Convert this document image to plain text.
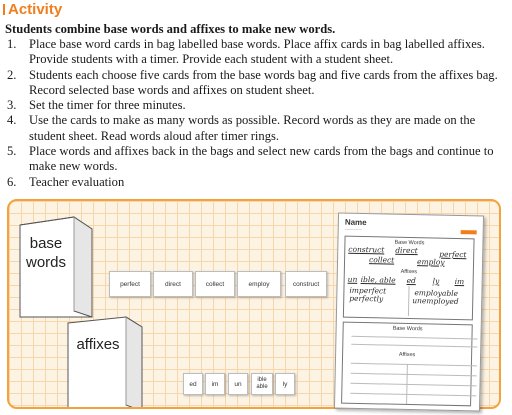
Activity
Students combine base words and affixes to make new words.
1. Place base word cards in bag labelled base words. Place affix cards in bag labelled affixes. Provide students with a timer. Provide each student with a student sheet.
2. Students each choose five cards from the base words bag and five cards from the affixes bag. Record selected base words and affixes on student sheet.
3. Set the timer for three minutes.
4. Use the cards to make as many words as possible. Record words as they are made on the student sheet. Read words aloud after timer rings.
5. Place words and affixes back in the bags and select new cards from the bags and continue to make new words.
6. Teacher evaluation
base
words
affixes
perfect	direct	collect	employ	construct
ed	im	un
ible able	ly
Name
──────
Base Words
construct direct	perfect
collect	employ
Affixes
un ible, able ed ly im
imperfect
perfectly
employable
unemployed
Base Words
Affixes
